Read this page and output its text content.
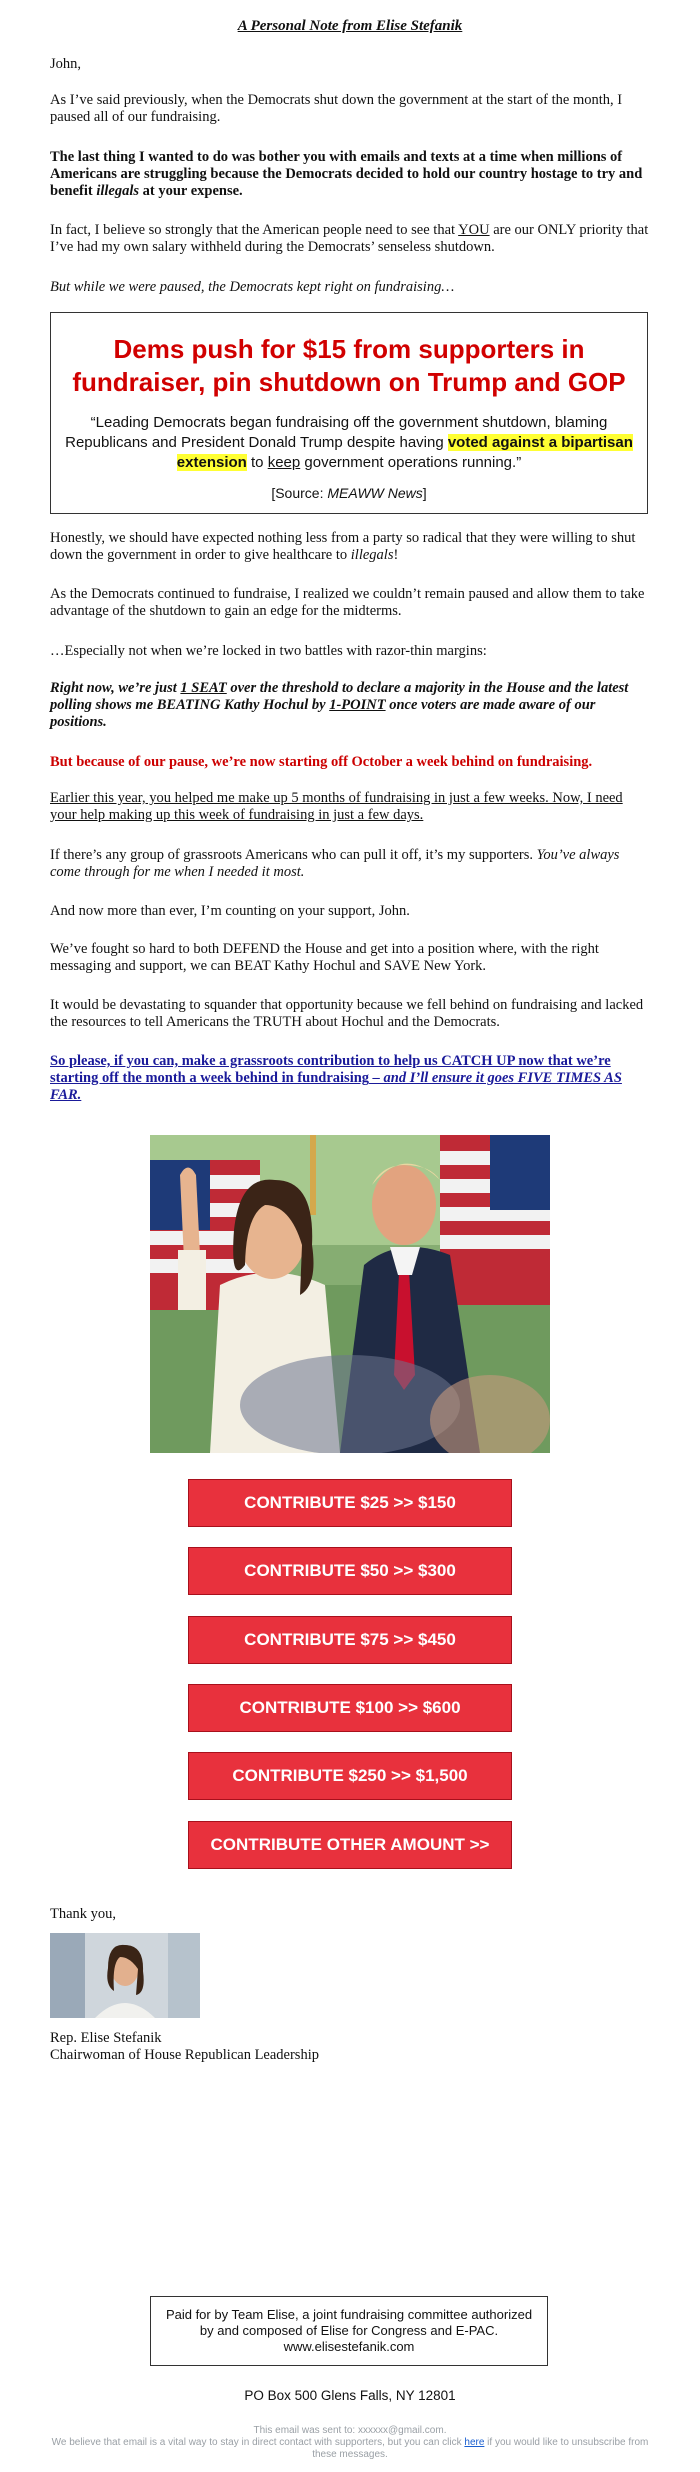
A Personal Note from Elise Stefanik

John,

As I’ve said previously, when the Democrats shut down the government at the start of the month, I paused all of our fundraising.

The last thing I wanted to do was bother you with emails and texts at a time when millions of Americans are struggling because the Democrats decided to hold our country hostage to try and benefit illegals at your expense.

In fact, I believe so strongly that the American people need to see that YOU are our ONLY priority that I’ve had my own salary withheld during the Democrats’ senseless shutdown.

But while we were paused, the Democrats kept right on fundraising…

Dems push for $15 from supporters in fundraiser, pin shutdown on Trump and GOP
“Leading Democrats began fundraising off the government shutdown, blaming Republicans and President Donald Trump despite having voted against a bipartisan extension to keep government operations running.”
[Source: MEAWW News]

Honestly, we should have expected nothing less from a party so radical that they were willing to shut down the government in order to give healthcare to illegals!

As the Democrats continued to fundraise, I realized we couldn’t remain paused and allow them to take advantage of the shutdown to gain an edge for the midterms.

…Especially not when we’re locked in two battles with razor-thin margins:

Right now, we’re just 1 SEAT over the threshold to declare a majority in the House and the latest polling shows me BEATING Kathy Hochul by 1-POINT once voters are made aware of our positions.

But because of our pause, we’re now starting off October a week behind on fundraising.

Earlier this year, you helped me make up 5 months of fundraising in just a few weeks. Now, I need your help making up this week of fundraising in just a few days.

If there’s any group of grassroots Americans who can pull it off, it’s my supporters. You’ve always come through for me when I needed it most.

And now more than ever, I’m counting on your support, John.

We’ve fought so hard to both DEFEND the House and get into a position where, with the right messaging and support, we can BEAT Kathy Hochul and SAVE New York.

It would be devastating to squander that opportunity because we fell behind on fundraising and lacked the resources to tell Americans the TRUTH about Hochul and the Democrats.

So please, if you can, make a grassroots contribution to help us CATCH UP now that we’re starting off the month a week behind in fundraising – and I’ll ensure it goes FIVE TIMES AS FAR.

CONTRIBUTE $25 >> $150
CONTRIBUTE $50 >> $300
CONTRIBUTE $75 >> $450
CONTRIBUTE $100 >> $600
CONTRIBUTE $250 >> $1,500
CONTRIBUTE OTHER AMOUNT >>

Thank you,

Rep. Elise Stefanik

Chairwoman of House Republican Leadership

Paid for by Team Elise, a joint fundraising committee authorized by and composed of Elise for Congress and E-PAC. www.elisestefanik.com
PO Box 500 Glens Falls, NY 12801
This email was sent to: xxxxxx@gmail.com.
We believe that email is a vital way to stay in direct contact with supporters, but you can click here if you would like to unsubscribe from these messages.
